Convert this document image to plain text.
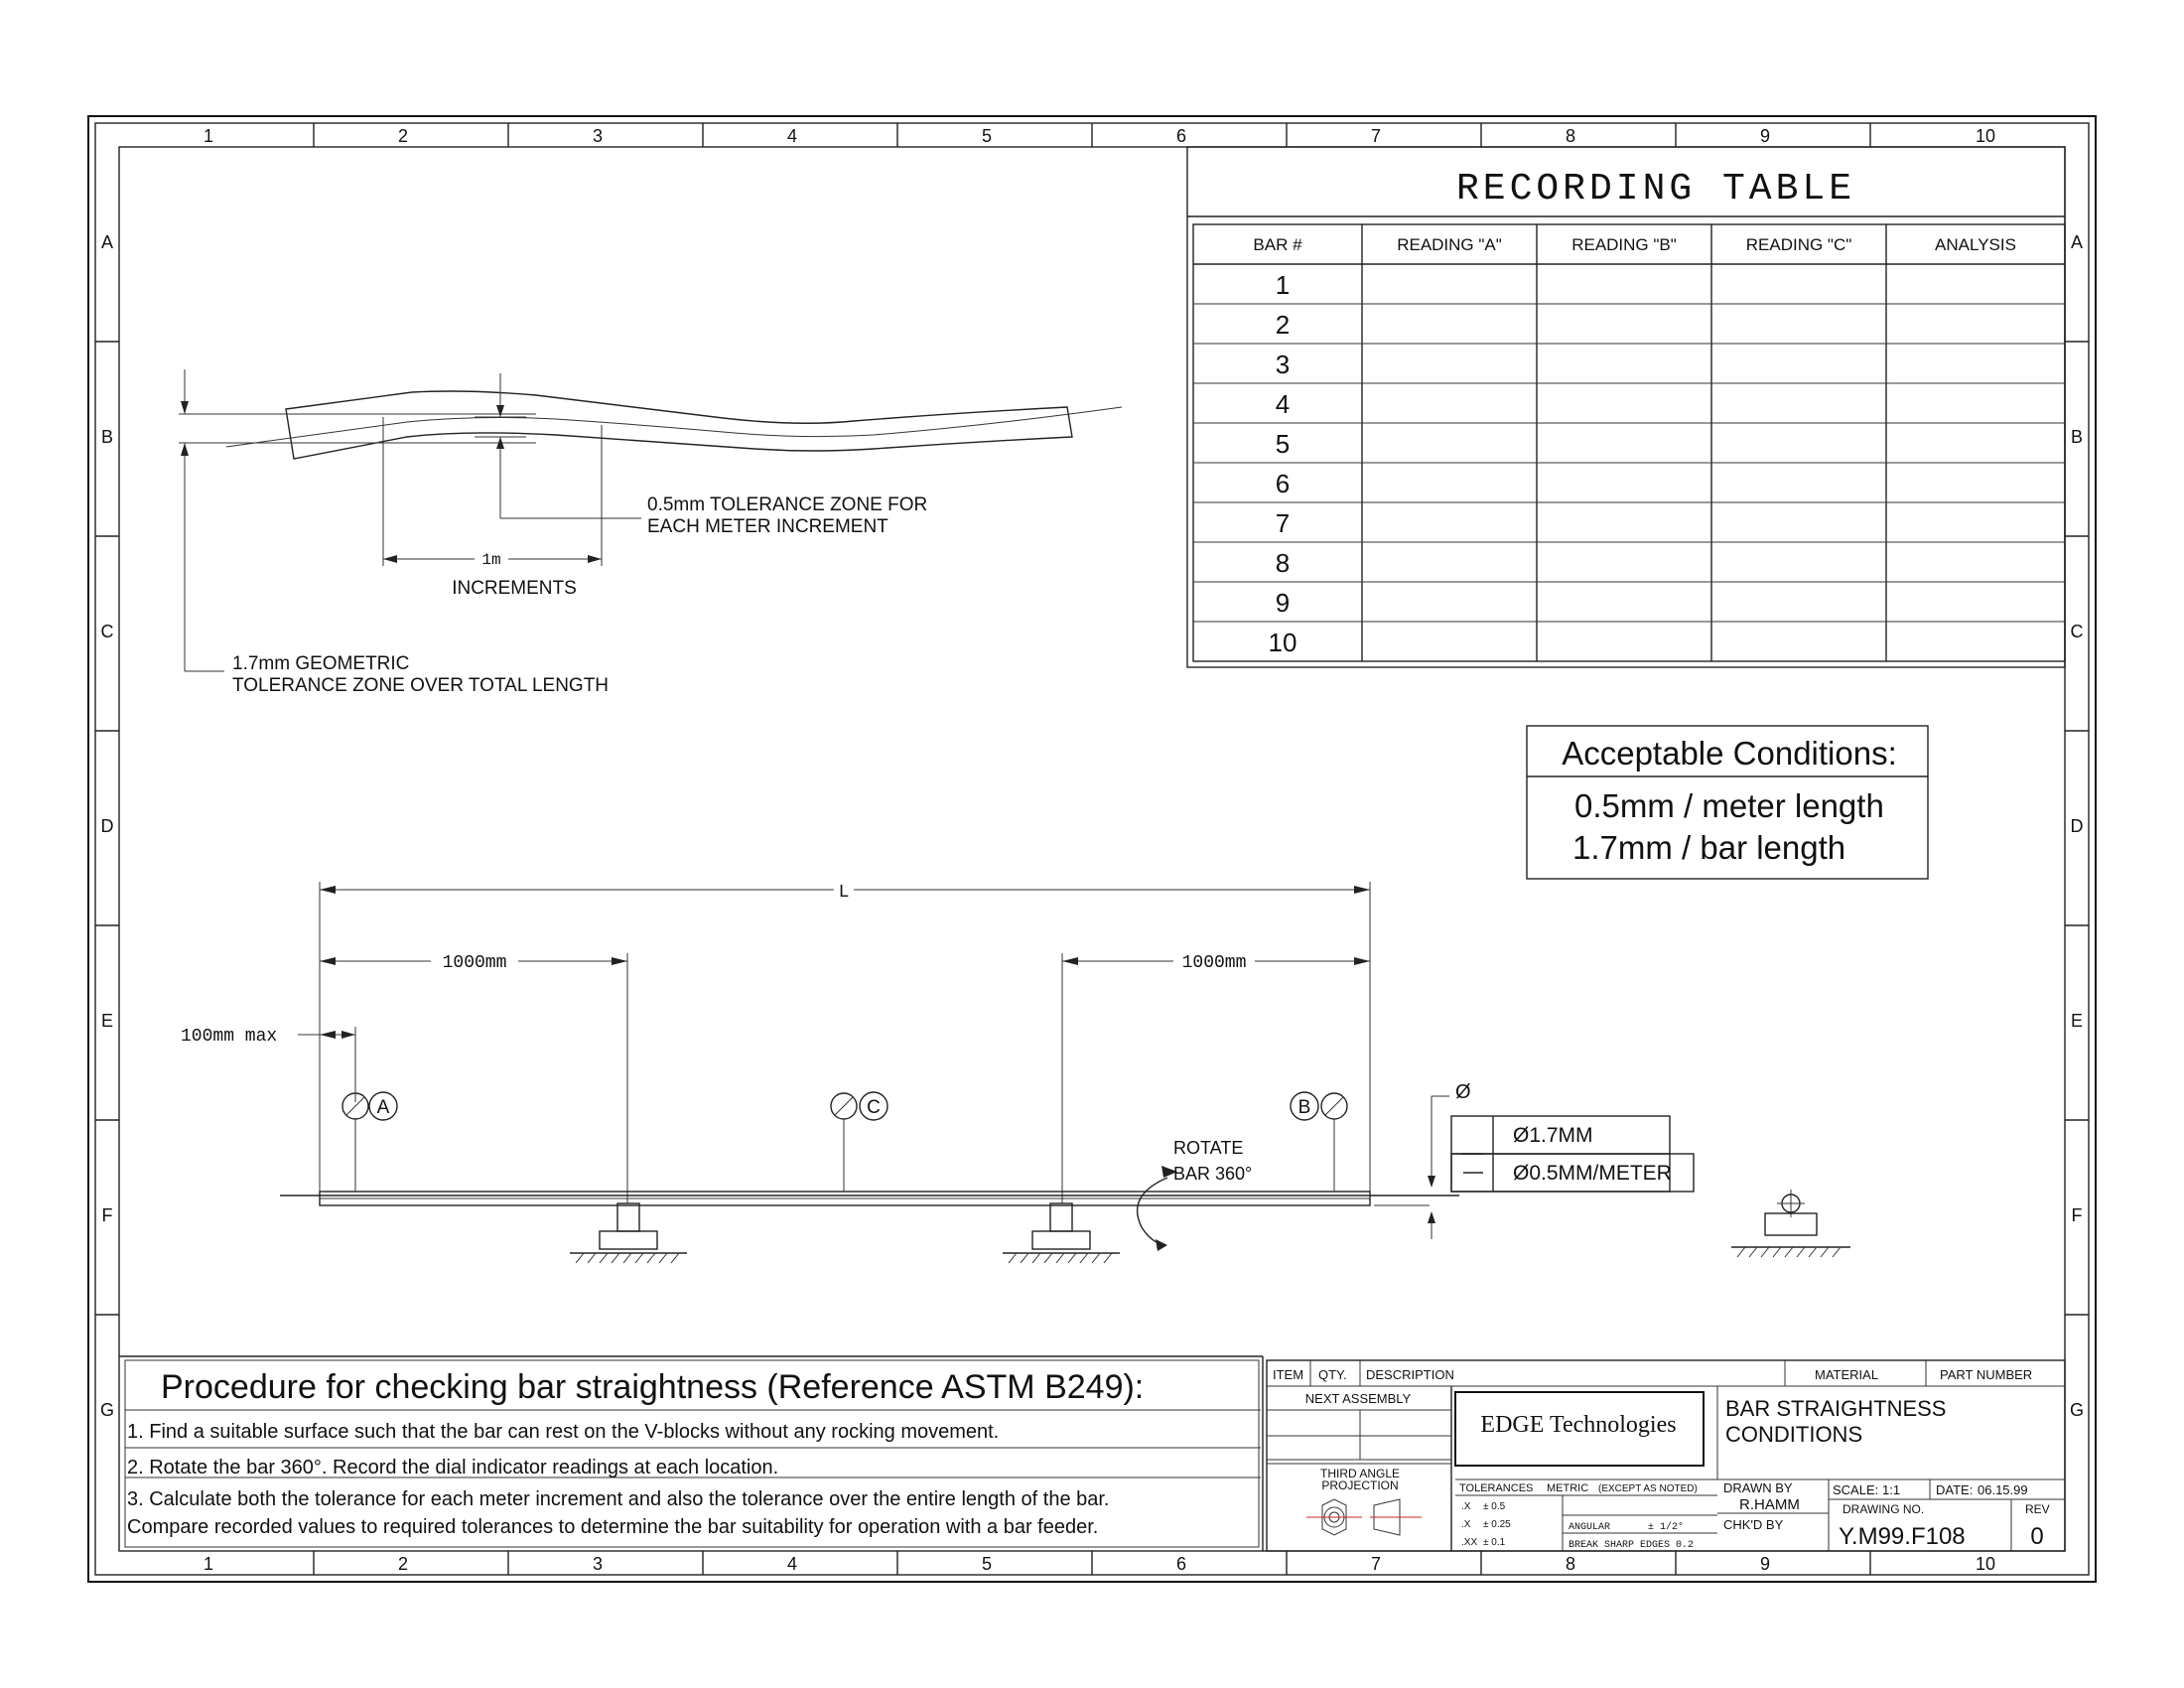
1	2	3	4	5	6	7	8	9	10
1	2	3	4	5	6	7	8	9	10
A
B
C
D
E
F
G
A
B
C
D
E
F
G
RECORDING TABLE
BAR #	READING "A"	READING "B"	READING "C"	ANALYSIS
1
2
3
4
5
6
7
8
9
10
1m
INCREMENTS
0.5mm TOLERANCE ZONE FOR
EACH METER INCREMENT
1.7mm GEOMETRIC
TOLERANCE ZONE OVER TOTAL LENGTH
Acceptable Conditions:
0.5mm / meter length
1.7mm / bar length
L
1000mm	1000mm
100mm max
A	C	B
ROTATE
BAR 360°
Ø
Ø1.7MM
Ø0.5MM/METER
Procedure for checking bar straightness (Reference ASTM B249):
1. Find a suitable surface such that the bar can rest on the V-blocks without any rocking movement.
2. Rotate the bar 360°. Record the dial indicator readings at each location.
3. Calculate both the tolerance for each meter increment and also the tolerance over the entire length of the bar.
Compare recorded values to required tolerances to determine the bar suitability for operation with a bar feeder.
ITEM QTY. DESCRIPTION	MATERIAL	PART NUMBER
NEXT ASSEMBLY
EDGE Technologies
BAR STRAIGHTNESS
CONDITIONS
THIRD ANGLE
PROJECTION	TOLERANCES METRIC (EXCEPT AS NOTED)
.X ± 0.5
.X ± 0.25
.XX ± 0.1
ANGULAR	± 1/2°
BREAK SHARP EDGES 0.2
DRAWN BY
R.HAMM
CHK'D BY
SCALE: 1:1	DATE: 06.15.99
DRAWING NO.
Y.M99.F108
REV
0
